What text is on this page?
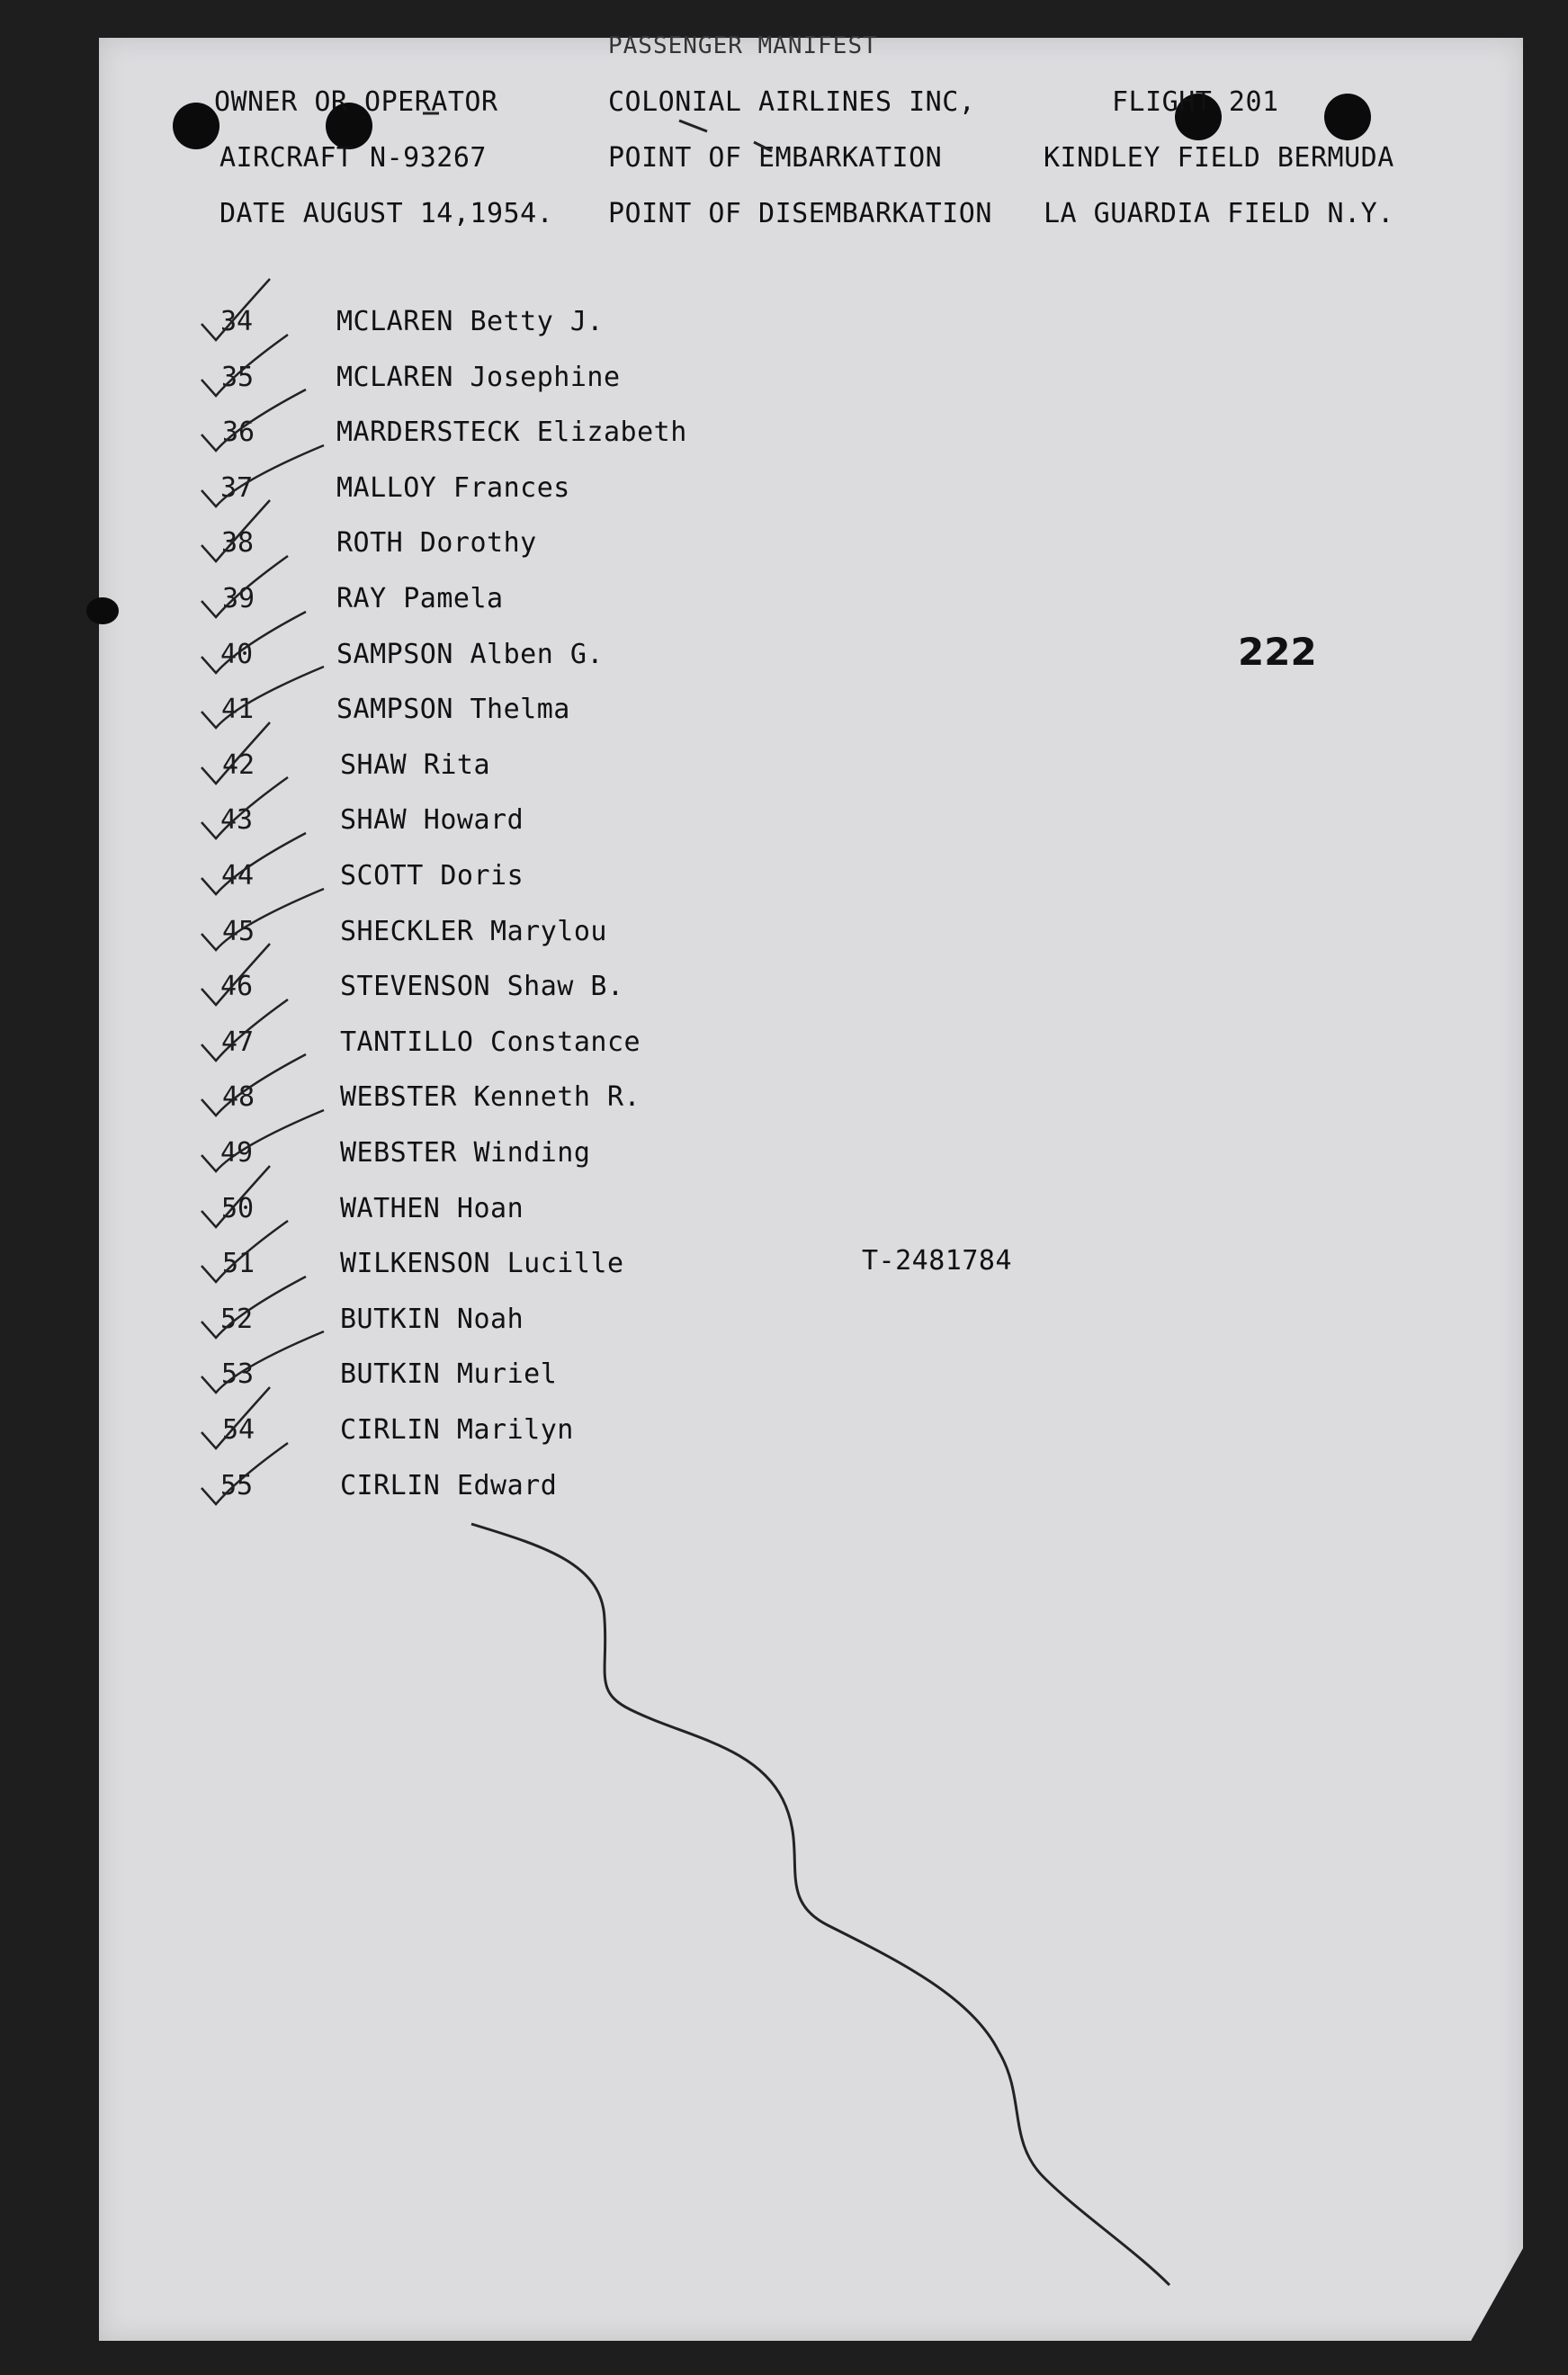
PASSENGER MANIFEST
OWNER OR OPERATOR	COLONIAL AIRLINES INC,	FLIGHT 201
AIRCRAFT N-93267	POINT OF EMBARKATION	KINDLEY FIELD BERMUDA
DATE AUGUST 14,1954. POINT OF DISEMBARKATION LA GUARDIA FIELD N.Y.
34	MCLAREN Betty J.
35	MCLAREN Josephine
36	MARDERSTECK Elizabeth
37	MALLOY Frances
38	ROTH Dorothy
39	RAY Pamela
40	SAMPSON Alben G.
41	SAMPSON Thelma
42	SHAW Rita
43	SHAW Howard
44	SCOTT Doris
45	SHECKLER Marylou
46	STEVENSON Shaw B.
47	TANTILLO Constance
48	WEBSTER Kenneth R.
49	WEBSTER Winding
50	WATHEN Hoan
51	WILKENSON Lucille
52	BUTKIN Noah
53	BUTKIN Muriel
54	CIRLIN Marilyn
55	CIRLIN Edward
222
T-2481784
